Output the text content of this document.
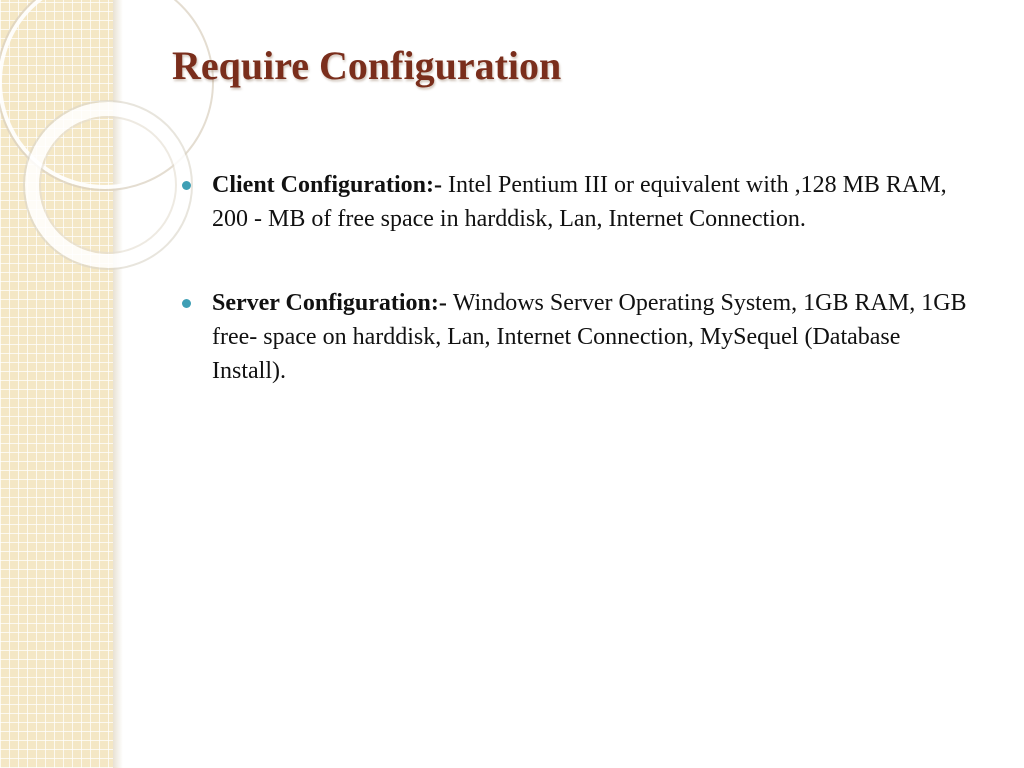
Require Configuration
Client Configuration:- Intel Pentium III or equivalent with ,128 MB RAM, 200 - MB of free space in harddisk, Lan, Internet Connection.
Server Configuration:- Windows Server Operating System, 1GB RAM, 1GB free- space on harddisk, Lan, Internet Connection, MySequel (Database Install).
